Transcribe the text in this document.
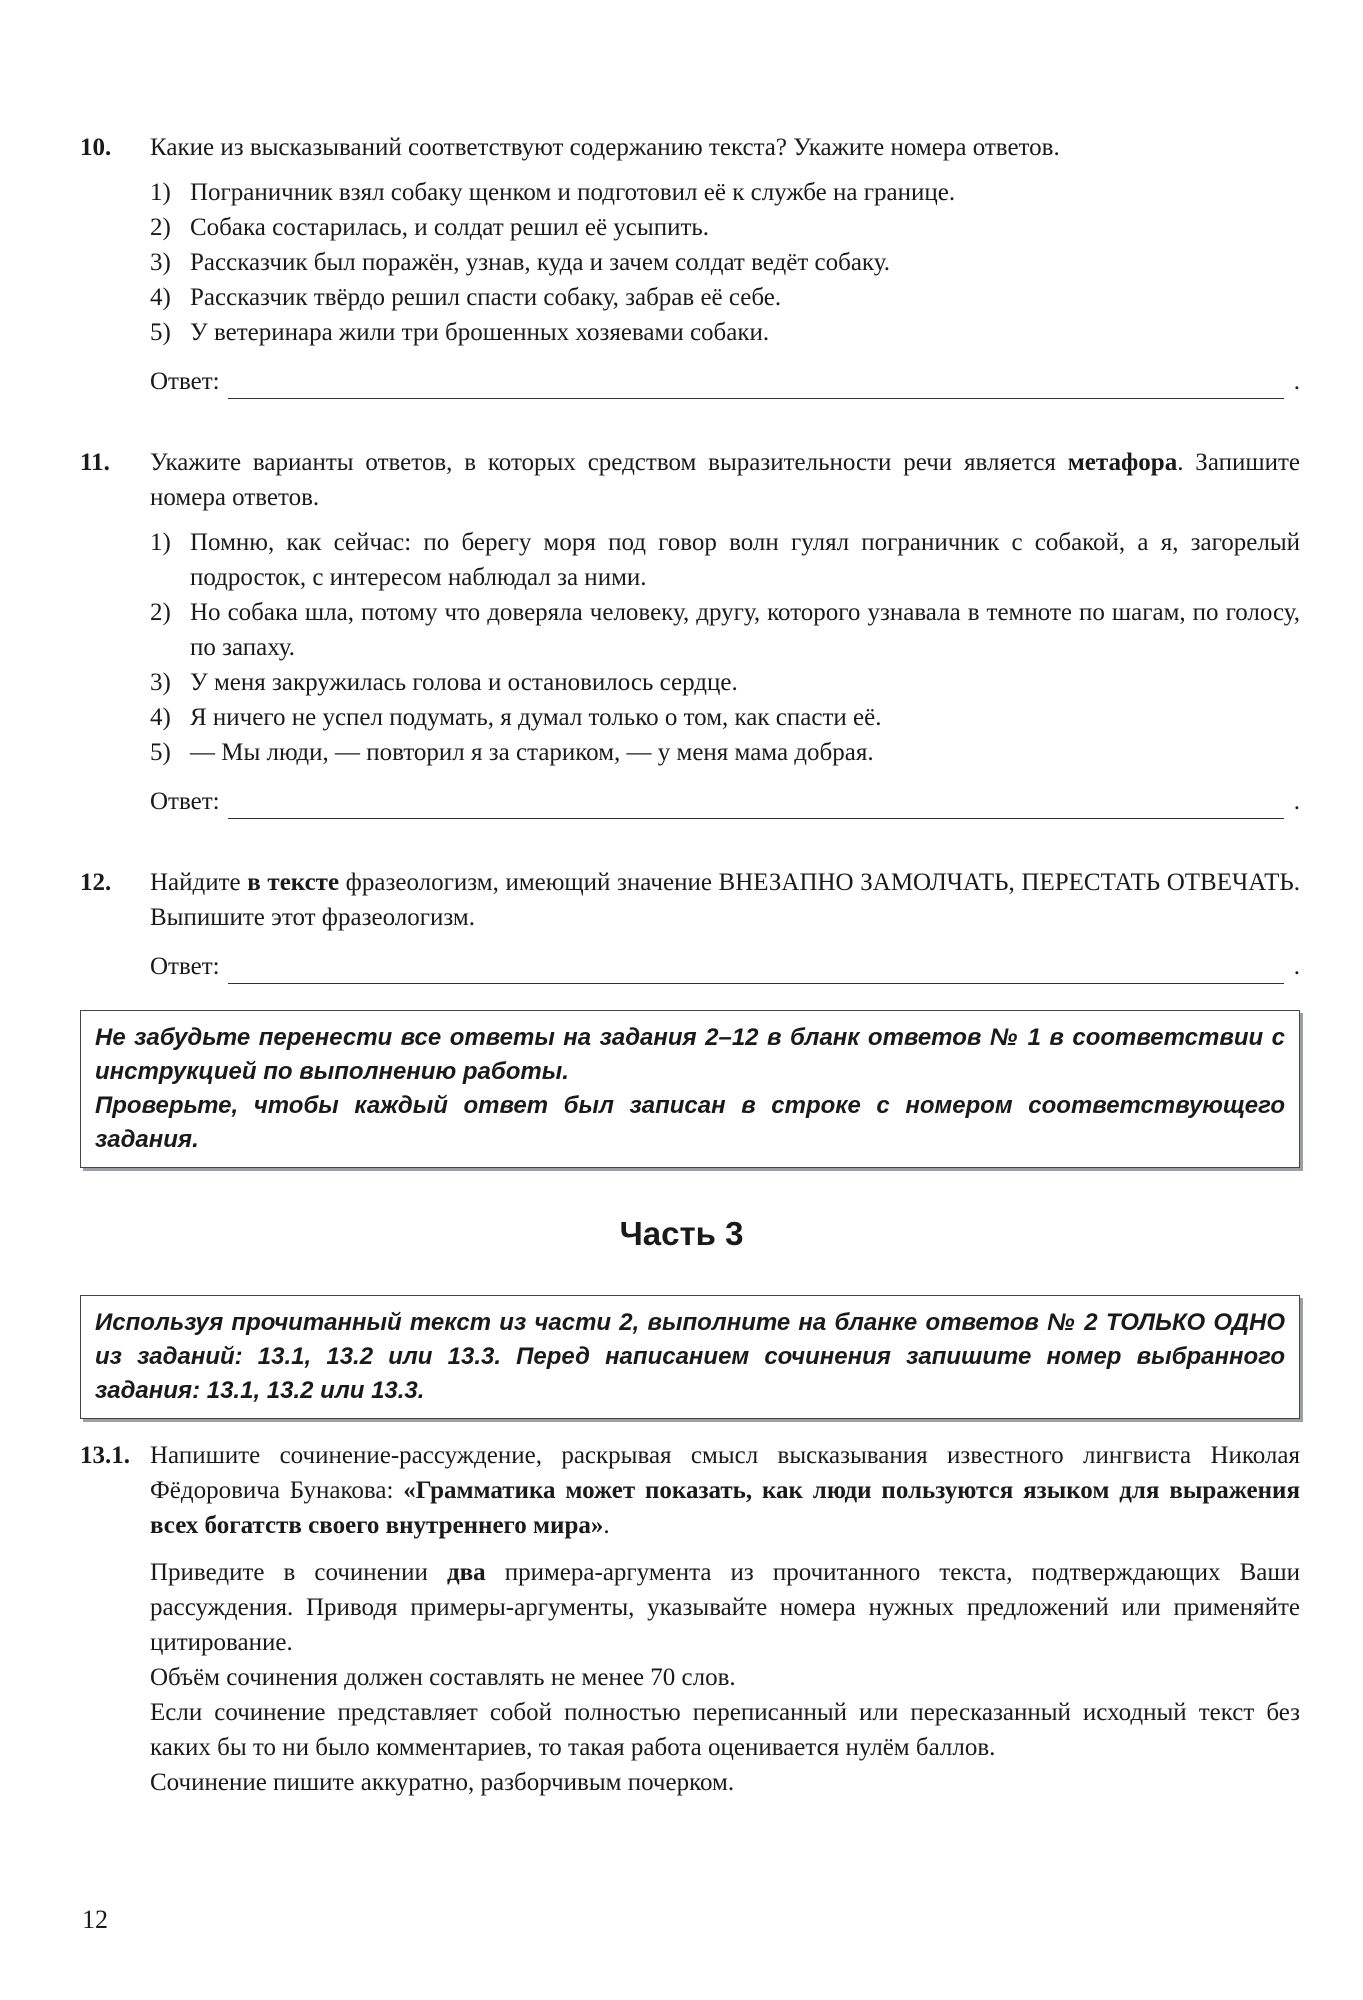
10.	Какие из высказываний соответствуют содержанию текста? Укажите номера ответов.
1) Пограничник взял собаку щенком и подготовил её к службе на границе.
2) Собака состарилась, и солдат решил её усыпить.
3) Рассказчик был поражён, узнав, куда и зачем солдат ведёт собаку.
4) Рассказчик твёрдо решил спасти собаку, забрав её себе.
5) У ветеринара жили три брошенных хозяевами собаки.
Ответ:	.
11.	Укажите варианты ответов, в которых средством выразительности речи является метафора. Запишите номера ответов.
1) Помню, как сейчас: по берегу моря под говор волн гулял пограничник с собакой, а я, загорелый подросток, с интересом наблюдал за ними.
2) Но собака шла, потому что доверяла человеку, другу, которого узнавала в темноте по шагам, по голосу, по запаху.
3) У меня закружилась голова и остановилось сердце.
4) Я ничего не успел подумать, я думал только о том, как спасти её.
5) — Мы люди, — повторил я за стариком, — у меня мама добрая.
Ответ:	.
12.	Найдите в тексте фразеологизм, имеющий значение ВНЕЗАПНО ЗАМОЛЧАТЬ, ПЕРЕСТАТЬ ОТВЕЧАТЬ. Выпишите этот фразеологизм.
Ответ:	.
Не забудьте перенести все ответы на задания 2–12 в бланк ответов № 1 в соответствии с инструкцией по выполнению работы.
Проверьте, чтобы каждый ответ был записан в строке с номером соответствующего задания.
Часть 3
Используя прочитанный текст из части 2, выполните на бланке ответов № 2 ТОЛЬКО ОДНО из заданий: 13.1, 13.2 или 13.3. Перед написанием сочинения запишите номер выбранного задания: 13.1, 13.2 или 13.3.
13.1. Напишите сочинение-рассуждение, раскрывая смысл высказывания известного лингвиста Николая Фёдоровича Бунакова: «Грамматика может показать, как люди пользуются языком для выражения всех богатств своего внутреннего мира».

Приведите в сочинении два примера-аргумента из прочитанного текста, подтверждающих Ваши рассуждения. Приводя примеры-аргументы, указывайте номера нужных предложений или применяйте цитирование.

Объём сочинения должен составлять не менее 70 слов.

Если сочинение представляет собой полностью переписанный или пересказанный исходный текст без каких бы то ни было комментариев, то такая работа оценивается нулём баллов.

Сочинение пишите аккуратно, разборчивым почерком.

12
